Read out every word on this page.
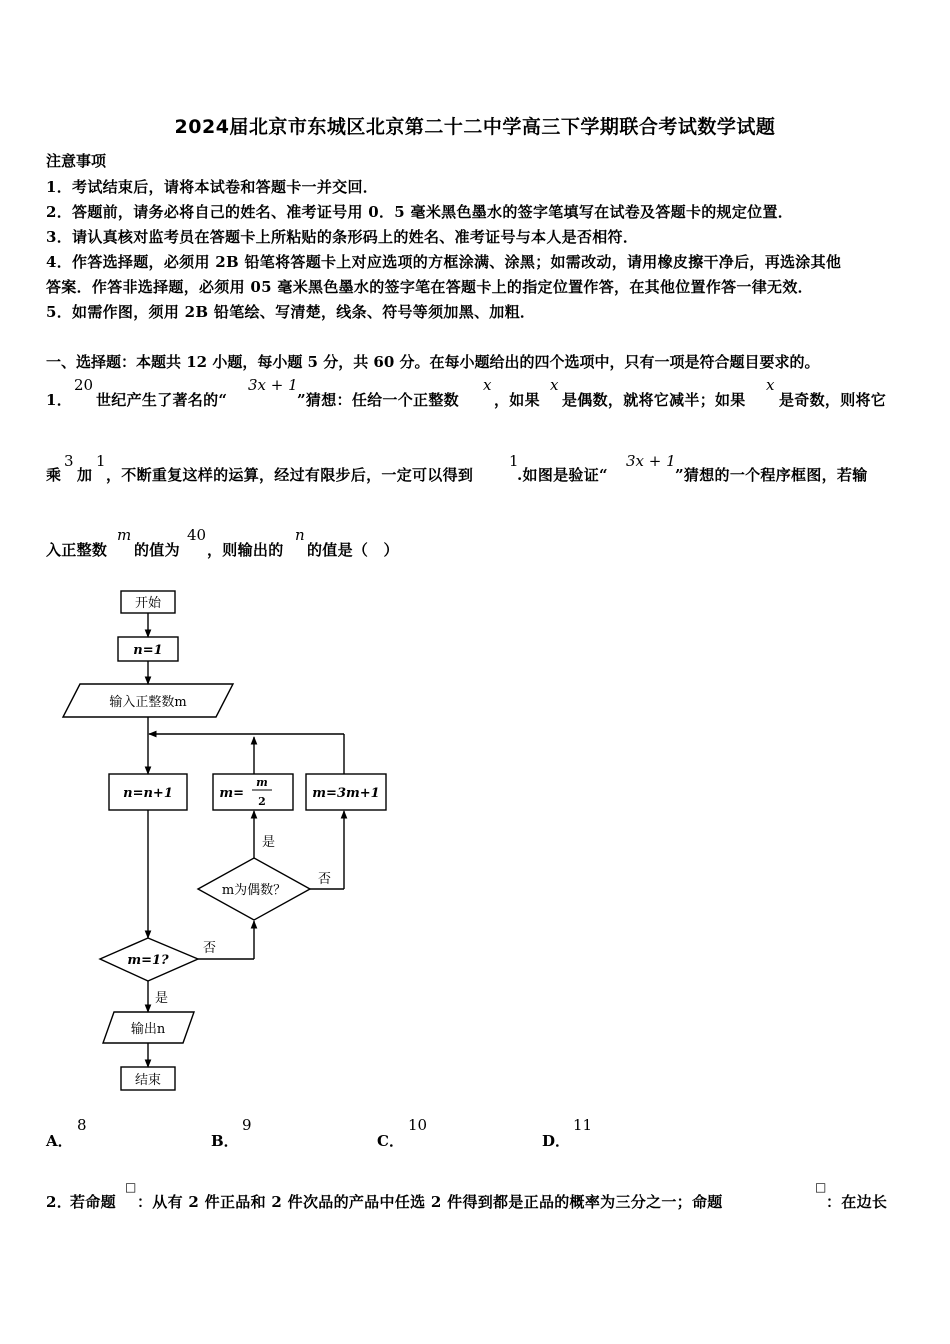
2024届北京市东城区北京第二十二中学高三下学期联合考试数学试题
注意事项
1．考试结束后，请将本试卷和答题卡一并交回．
2．答题前，请务必将自己的姓名、准考证号用 0．5 毫米黑色墨水的签字笔填写在试卷及答题卡的规定位置．
3．请认真核对监考员在答题卡上所粘贴的条形码上的姓名、准考证号与本人是否相符．
4．作答选择题，必须用 2B 铅笔将答题卡上对应选项的方框涂满、涂黑；如需改动，请用橡皮擦干净后，再选涂其他
答案．作答非选择题，必须用 05 毫米黑色墨水的签字笔在答题卡上的指定位置作答，在其他位置作答一律无效．
5．如需作图，须用 2B 铅笔绘、写清楚，线条、符号等须加黑、加粗．
一、选择题：本题共 12 小题，每小题 5 分，共 60 分。在每小题给出的四个选项中，只有一项是符合题目要求的。
1．
20
世纪产生了著名的“
3x + 1
”猜想：任给一个正整数
x
，如果
x
是偶数，就将它减半；如果
x
是奇数，则将它
乘
3
加
1
，不断重复这样的运算，经过有限步后，一定可以得到
1
.如图是验证“
3x + 1
”猜想的一个程序框图，若输
入正整数
m
的值为
40
，则输出的
n
的值是（　）
开始
n=1
输入正整数m
n=n+1	m=
m
2
m=3m+1
m为偶数？
m=1?
是
否
否
是
输出n
结束
A．
8
B．
9
C．
10
D．
11
2．
若命题
□
：从有 2 件正品和 2 件次品的产品中任选 2 件得到都是正品的概率为三分之一；命题
□
：在边长
